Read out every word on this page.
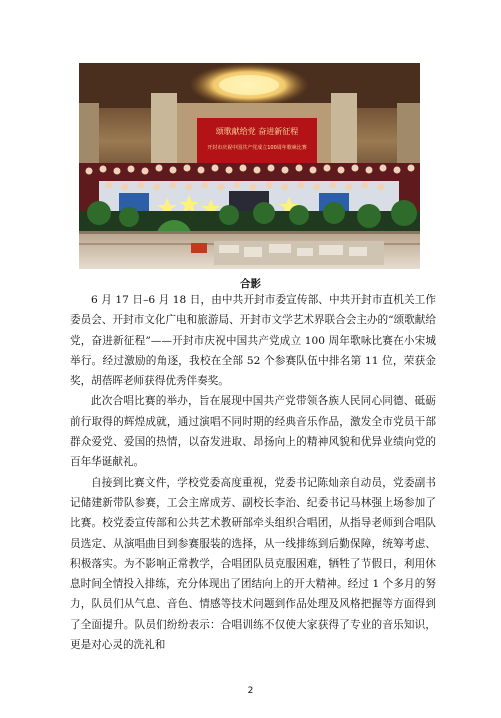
颂歌献给党 奋进新征程
开封市庆祝中国共产党成立100周年歌咏比赛
合影

6 月 17 日–6 月 18 日，由中共开封市委宣传部、中共开封市直机关工作委员会、开封市文化广电和旅游局、开封市文学艺术界联合会主办的“颂歌献给党，奋进新征程”——开封市庆祝中国共产党成立 100 周年歌咏比赛在小宋城举行。经过激励的角逐，我校在全部 52 个参赛队伍中排名第 11 位，荣获金奖，胡蓓晖老师获得优秀伴奏奖。

此次合唱比赛的举办，旨在展现中国共产党带领各族人民同心同德、砥砺前行取得的辉煌成就，通过演唱不同时期的经典音乐作品，激发全市党员干部群众爱党、爱国的热情，以奋发进取、昂扬向上的精神风貌和优异业绩向党的百年华诞献礼。

自接到比赛文件，学校党委高度重视，党委书记陈灿亲自动员，党委副书记储建新带队参赛，工会主席成芳、副校长李治、纪委书记马林强上场参加了比赛。校党委宣传部和公共艺术教研部牵头组织合唱团，从指导老师到合唱队员选定、从演唱曲目到参赛服装的选择，从一线排练到后勤保障，统筹考虑、积极落实。为不影响正常教学，合唱团队员克服困难，牺牲了节假日，利用休息时间全情投入排练，充分体现出了团结向上的开大精神。经过 1 个多月的努力，队员们从气息、音色、情感等技术问题到作品处理及风格把握等方面得到了全面提升。队员们纷纷表示：合唱训练不仅使大家获得了专业的音乐知识，更是对心灵的洗礼和

2
